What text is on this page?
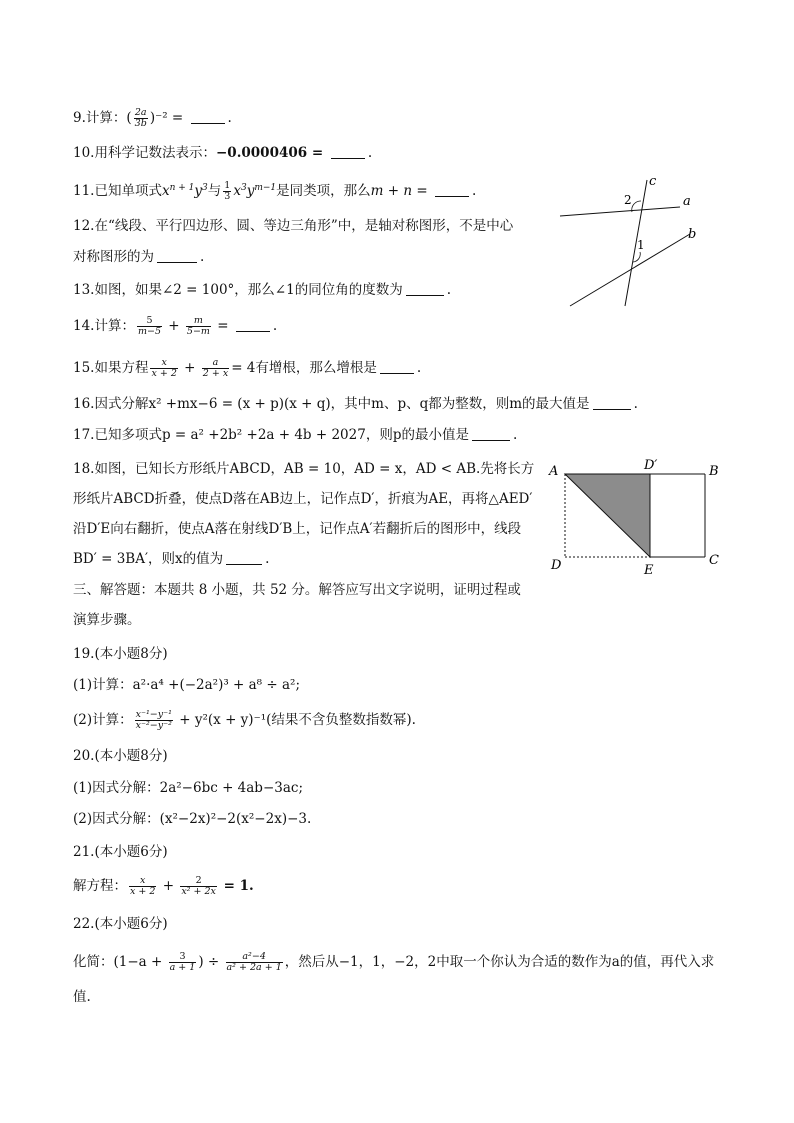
9.计算：( $\frac{2a}{3b} )^{-2}$ =	.
10.用科学记数法表示：−0.0000406 =	.
11.已知单项式$x^{n + 1}y^3$与 $\frac{1}{3} x^3y^{m-1}$是同类项，那么m + n =	.
12.在“线段、平行四边形、圆、等边三角形”中，是轴对称图形，不是中心
对称图形的为	.
13.如图，如果∠2 = 100°，那么∠1的同位角的度数为	.
14.计算： $\frac{5}{m-5} + \frac{m}{5-m}$ =	.
15.如果方程 $\frac{x}{x + 2} + \frac{a}{2 + x} = 4$有增根，那么增根是	.
16.因式分解x² +mx−6 = (x + p)(x + q)，其中m、p、q都为整数，则m的最大值是	.
17.已知多项式p = a² +2b² +2a + 4b + 2027，则p的最小值是	.
18.如图，已知长方形纸片ABCD，AB = 10，AD = x，AD < AB.先将长方
形纸片ABCD折叠，使点D落在AB边上，记作点D′，折痕为AE，再将△AED′
沿D′E向右翻折，使点A落在射线D′B上，记作点A′若翻折后的图形中，线段
BD′ = 3BA′，则x的值为	.
三、解答题：本题共 8 小题，共 52 分。解答应写出文字说明，证明过程或
演算步骤。
19.(本小题8分)
(1)计算：a²·a⁴ +(−2a²)³ + a⁸ ÷ a²;
(2)计算： $\frac{\text{x⁻¹−y⁻¹}}{\text{x⁻²−y⁻²}} + y^2(x + y)^{-1}$(结果不含负整数指数幂).
20.(本小题8分)
(1)因式分解：2a²−6bc + 4ab−3ac;
(2)因式分解：(x²−2x)²−2(x²−2x)−3.
21.(本小题6分)
解方程： $\frac{x}{x + 2} + \frac{2}{\text{x² + 2x}} = 1$.
22.(本小题6分)
化简：($1-a + \frac{3}{a + 1}$ ) ÷ $\frac{\text{a²−4}}{\text{a² + 2a + 1}}$ ，然后从−1，1，−2，2中取一个你认为合适的数作为a的值，再代入求
值.
c
a
b
2
1
A	D′	B
D	E
C
